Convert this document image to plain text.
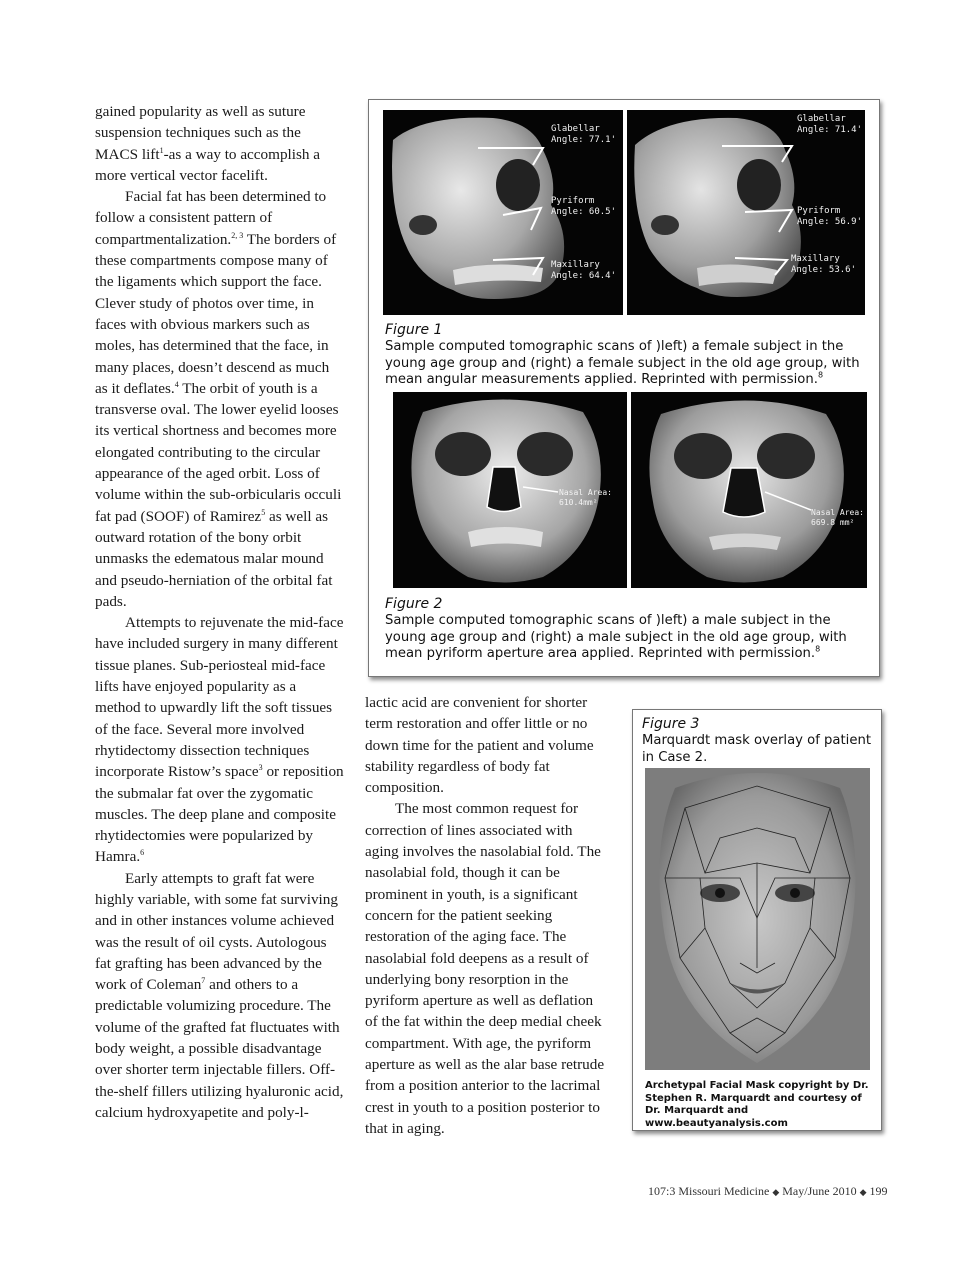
gained popularity as well as suture suspension techniques such as the MACS lift$^1$-as a way to accomplish a more vertical vector facelift.

Facial fat has been determined to follow a consistent pattern of compartmentalization.$^{2, 3}$ The borders of these compartments compose many of the ligaments which support the face. Clever study of photos over time, in faces with obvious markers such as moles, has determined that the face, in many places, doesn’t descend as much as it deflates.$^4$ The orbit of youth is a transverse oval. The lower eyelid looses its vertical shortness and becomes more elongated contributing to the circular appearance of the aged orbit. Loss of volume within the sub-orbicularis occuli fat pad (SOOF) of Ramirez$^5$ as well as outward rotation of the bony orbit unmasks the edematous malar mound and pseudo-herniation of the orbital fat pads.

Attempts to rejuvenate the mid-face have included surgery in many different tissue planes. Sub-periosteal mid-face lifts have enjoyed popularity as a method to upwardly lift the soft tissues of the face. Several more involved rhytidectomy dissection techniques incorporate Ristow’s space$^3$ or reposition the submalar fat over the zygomatic muscles. The deep plane and composite rhytidectomies were popularized by Hamra.$^6$

Early attempts to graft fat were highly variable, with some fat surviving and in other instances volume achieved was the result of oil cysts. Autologous fat grafting has been advanced by the work of Coleman$^7$ and others to a predictable volumizing procedure. The volume of the grafted fat fluctuates with body weight, a possible disadvantage over shorter term injectable fillers. Off-the-shelf fillers utilizing hyaluronic acid, calcium hydroxyapetite and poly-l-

lactic acid are convenient for shorter term restoration and offer little or no down time for the patient and volume stability regardless of body fat composition.

The most common request for correction of lines associated with aging involves the nasolabial fold. The nasolabial fold, though it can be prominent in youth, is a significant concern for the patient seeking restoration of the aging face. The nasolabial fold deepens as a result of underlying bony resorption in the pyriform aperture as well as deflation of the fat within the deep medial cheek compartment. With age, the pyriform aperture as well as the alar base retrude from a position anterior to the lacrimal crest in youth to a position posterior to that in aging.

Glabellar
Angle: 77.1'
Pyriform
Angle: 60.5'
Maxillary
Angle: 64.4'
Glabellar
Angle: 71.4'
Pyriform
Angle: 56.9'
Maxillary
Angle: 53.6'
Figure 1
Sample computed tomographic scans of )left) a female subject in the young age group and (right) a female subject in the old age group, with mean angular measurements applied. Reprinted with permission.$^8$
Nasal Area:
610.4mm²
Nasal Area:
669.8 mm²
Figure 2
Sample computed tomographic scans of )left) a male subject in the young age group and (right) a male subject in the old age group, with mean pyriform aperture area applied. Reprinted with permission.$^8$
Figure 3
Marquardt mask overlay of patient in Case 2.
Archetypal Facial Mask copyright by Dr. Stephen R. Marquardt and courtesy of Dr. Marquardt and www.beautyanalysis.com
107:3 Missouri Medicine ◆ May/June 2010 ◆ 199
